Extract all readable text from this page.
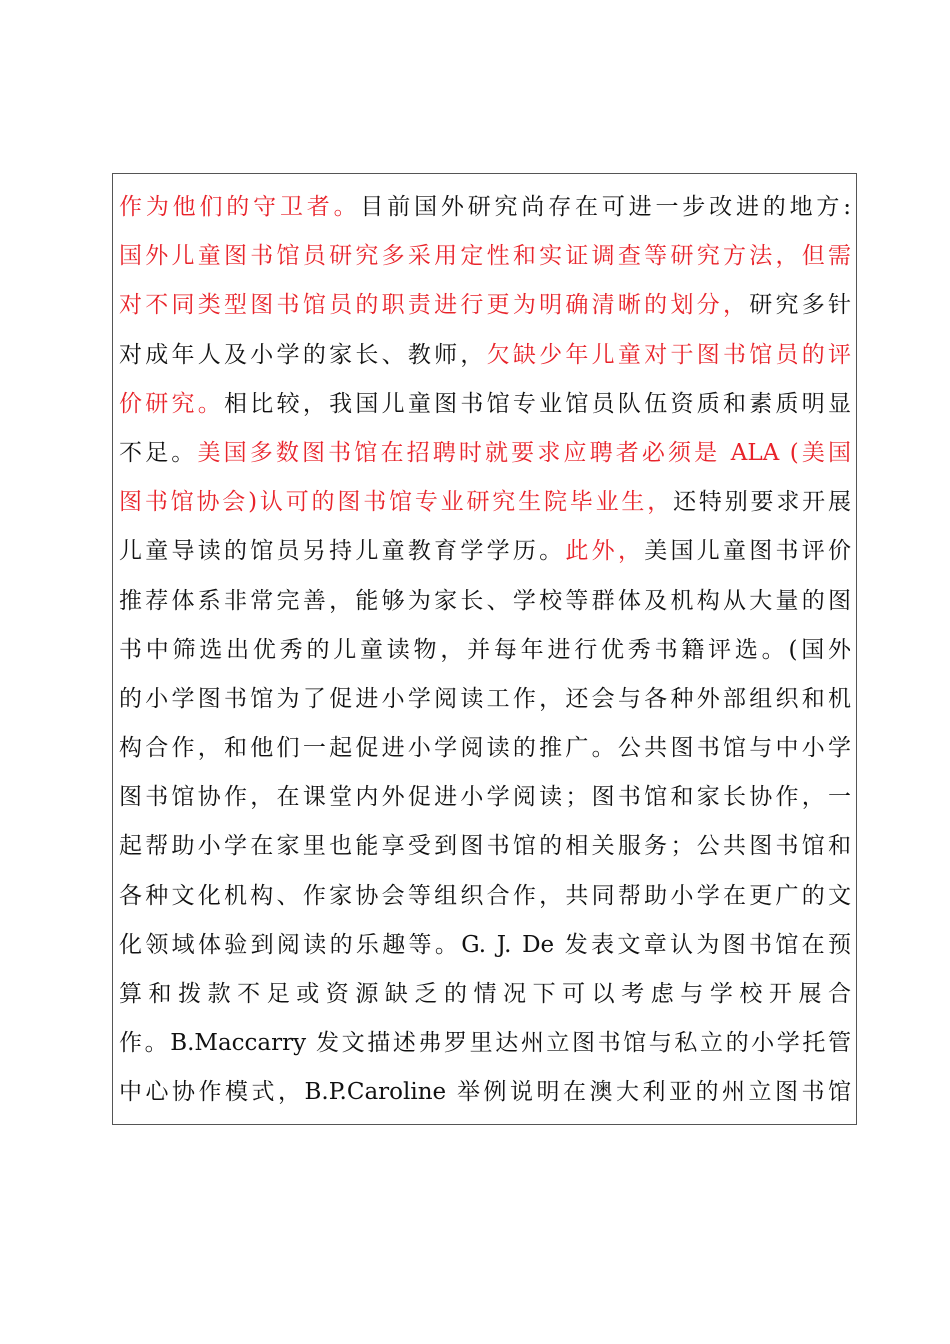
作为他们的守卫者。目前国外研究尚存在可进一步改进的地方:
国外儿童图书馆员研究多采用定性和实证调查等研究方法，但需
对不同类型图书馆员的职责进行更为明确清晰的划分，研究多针
对成年人及小学的家长、教师，欠缺少年儿童对于图书馆员的评
价研究。相比较，我国儿童图书馆专业馆员队伍资质和素质明显
不足。美国多数图书馆在招聘时就要求应聘者必须是 ALA (美国
图书馆协会)认可的图书馆专业研究生院毕业生，还特别要求开展
儿童导读的馆员另持儿童教育学学历。此外，美国儿童图书评价
推荐体系非常完善，能够为家长、学校等群体及机构从大量的图
书中筛选出优秀的儿童读物，并每年进行优秀书籍评选。(国外
的小学图书馆为了促进小学阅读工作，还会与各种外部组织和机
构合作，和他们一起促进小学阅读的推广。公共图书馆与中小学
图书馆协作，在课堂内外促进小学阅读；图书馆和家长协作，一
起帮助小学在家里也能享受到图书馆的相关服务；公共图书馆和
各种文化机构、作家协会等组织合作，共同帮助小学在更广的文
化领域体验到阅读的乐趣等。G. J. De 发表文章认为图书馆在预
算和拨款不足或资源缺乏的情况下可以考虑与学校开展合
作。B.Maccarry 发文描述弗罗里达州立图书馆与私立的小学托管
中心协作模式，B.P.Caroline 举例说明在澳大利亚的州立图书馆
